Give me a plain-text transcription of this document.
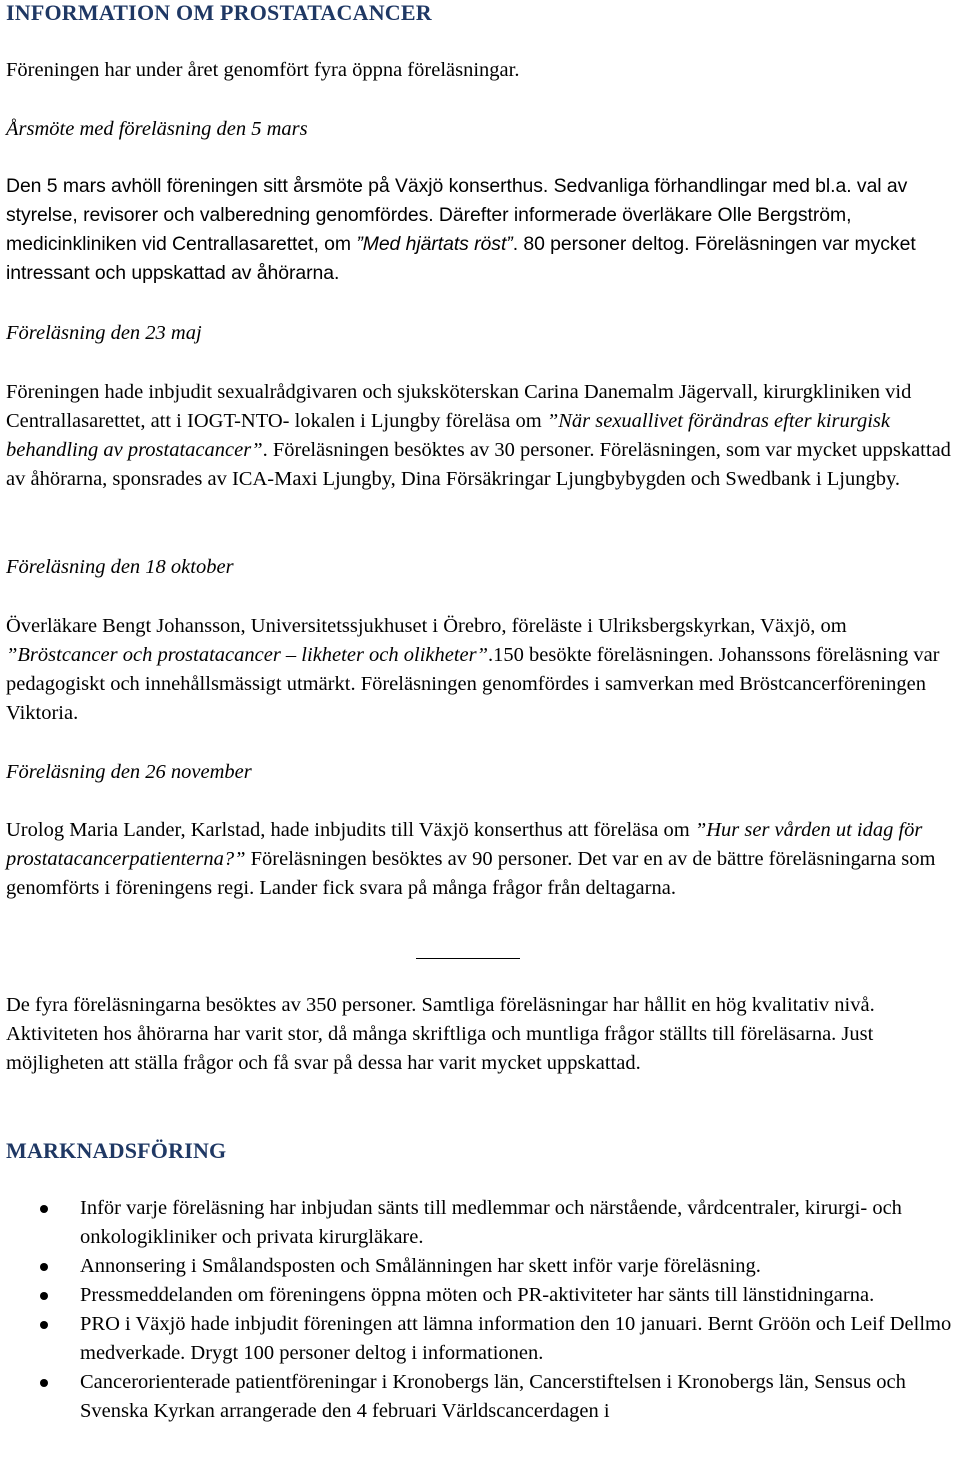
INFORMATION OM PROSTATACANCER

Föreningen har under året genomfört fyra öppna föreläsningar.

Årsmöte med föreläsning den 5 mars

Den 5 mars avhöll föreningen sitt årsmöte på Växjö konserthus. Sedvanliga förhandlingar med bl.a. val av styrelse, revisorer och valberedning genomfördes. Därefter informerade överläkare Olle Bergström, medicinkliniken vid Centrallasarettet, om ”Med hjärtats röst”. 80 personer deltog. Föreläsningen var mycket intressant och uppskattad av åhörarna.

Föreläsning den 23 maj

Föreningen hade inbjudit sexualrådgivaren och sjuksköterskan Carina Danemalm Jägervall, kirurgkliniken vid Centrallasarettet, att i IOGT-NTO- lokalen i Ljungby föreläsa om ”När sexuallivet förändras efter kirurgisk behandling av prostatacancer”. Föreläsningen besöktes av 30 personer. Föreläsningen, som var mycket uppskattad av åhörarna, sponsrades av ICA-Maxi Ljungby, Dina Försäkringar Ljungbybygden och Swedbank i Ljungby.

Föreläsning den 18 oktober

Överläkare Bengt Johansson, Universitetssjukhuset i Örebro, föreläste i Ulriksbergskyrkan, Växjö, om ”Bröstcancer och prostatacancer – likheter och olikheter”.150 besökte föreläsningen. Johanssons föreläsning var pedagogiskt och innehållsmässigt utmärkt. Föreläsningen genomfördes i samverkan med Bröstcancerföreningen Viktoria.

Föreläsning den 26 november

Urolog Maria Lander, Karlstad, hade inbjudits till Växjö konserthus att föreläsa om ”Hur ser vården ut idag för prostatacancerpatienterna?” Föreläsningen besöktes av 90 personer. Det var en av de bättre föreläsningarna som genomförts i föreningens regi. Lander fick svara på många frågor från deltagarna.

De fyra föreläsningarna besöktes av 350 personer. Samtliga föreläsningar har hållit en hög kvalitativ nivå. Aktiviteten hos åhörarna har varit stor, då många skriftliga och muntliga frågor ställts till föreläsarna. Just möjligheten att ställa frågor och få svar på dessa har varit mycket uppskattad.

MARKNADSFÖRING
Inför varje föreläsning har inbjudan sänts till medlemmar och närstående, vårdcentraler, kirurgi- och onkologikliniker och privata kirurgläkare.
Annonsering i Smålandsposten och Smålänningen har skett inför varje föreläsning.
Pressmeddelanden om föreningens öppna möten och PR-aktiviteter har sänts till länstidningarna.
PRO i Växjö hade inbjudit föreningen att lämna information den 10 januari. Bernt Gröön och Leif Dellmo medverkade. Drygt 100 personer deltog i informationen.
Cancerorienterade patientföreningar i Kronobergs län, Cancerstiftelsen i Kronobergs län, Sensus och Svenska Kyrkan arrangerade den 4 februari Världscancerdagen i
